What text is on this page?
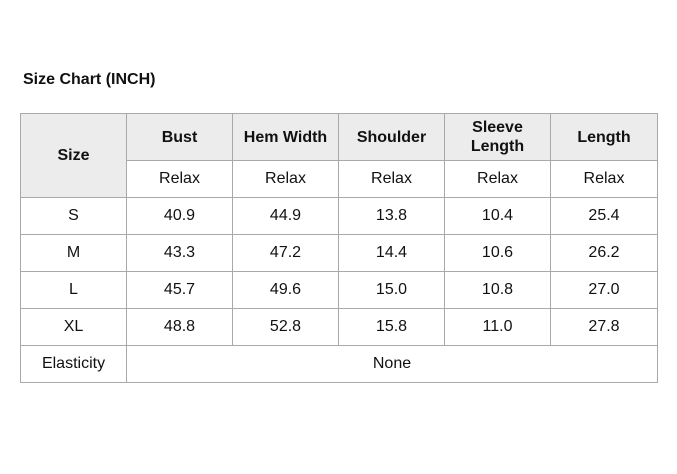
Size Chart (INCH)
Size	Bust	Hem Width	Shoulder	Sleeve Length	Length
	Relax	Relax	Relax	Relax	Relax
S	40.9	44.9	13.8	10.4	25.4
M	43.3	47.2	14.4	10.6	26.2
L	45.7	49.6	15.0	10.8	27.0
XL	48.8	52.8	15.8	11.0	27.8
Elasticity	None				
